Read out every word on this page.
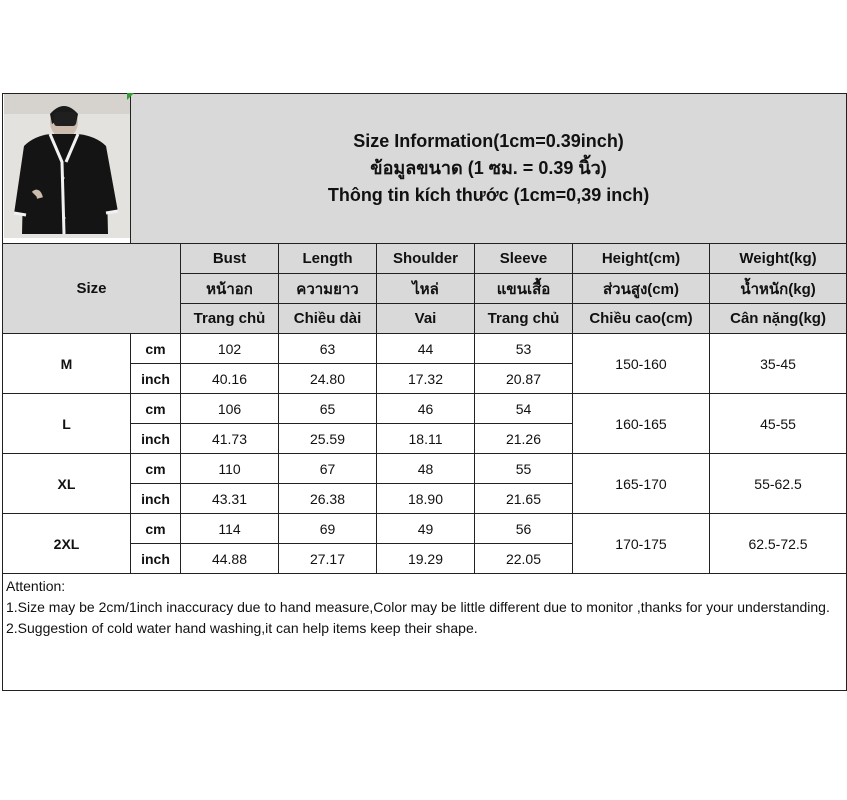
Size Information(1cm=0.39inch)
ข้อมูลขนาด (1 ซม. = 0.39 นิ้ว)
Thông tin kích thước (1cm=0,39 inch)						

Size		Bust	Length	Shoulder	Sleeve	Height(cm)	Weight(kg)
		หน้าอก	ความยาว	ไหล่	แขนเสื้อ	ส่วนสูง(cm)	น้ำหนัก(kg)
		Trang chủ	Chiều dài	Vai	Trang chủ	Chiều cao(cm)	Cân nặng(kg)
M	cm	102	63	44	53	150-160	35-45
	inch	40.16	24.80	17.32	20.87		
L	cm	106	65	46	54	160-165	45-55
	inch	41.73	25.59	18.11	21.26		
XL	cm	110	67	48	55	165-170	55-62.5
	inch	43.31	26.38	18.90	21.65		
2XL	cm	114	69	49	56	170-175	62.5-72.5
	inch	44.88	27.17	19.29	22.05		

Attention:
1.Size may be 2cm/1inch inaccuracy due to hand measure,Color may be little different due to monitor ,thanks for your understanding.
2.Suggestion of cold water hand washing,it can help items keep their shape.							
